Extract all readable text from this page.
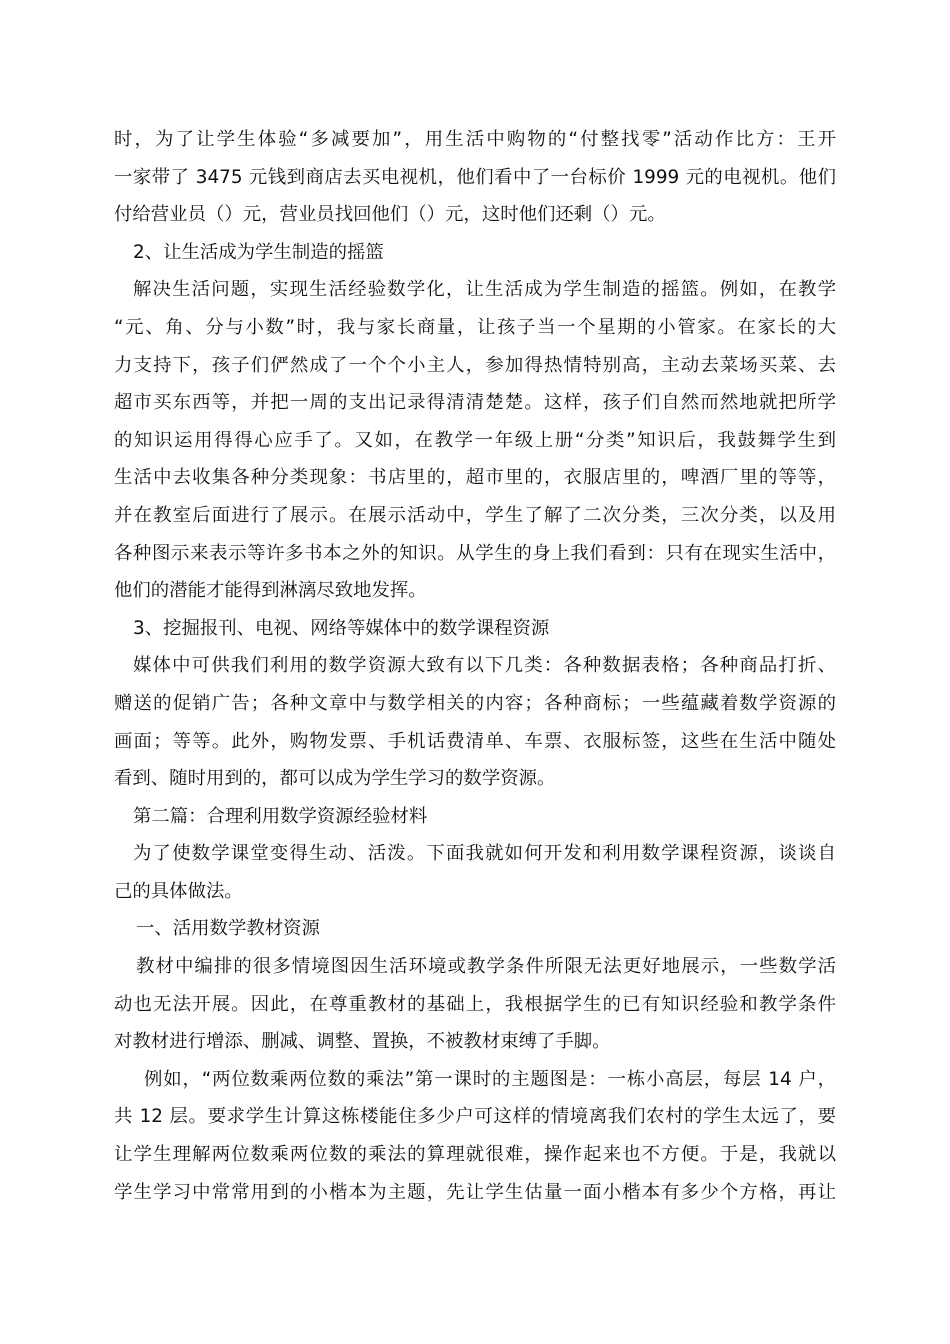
时，为了让学生体验“多减要加”，用生活中购物的“付整找零”活动作比方：王开
一家带了 3475 元钱到商店去买电视机，他们看中了一台标价 1999 元的电视机。他们
付给营业员（）元，营业员找回他们（）元，这时他们还剩（）元。
2、让生活成为学生制造的摇篮
解决生活问题，实现生活经验数学化，让生活成为学生制造的摇篮。例如，在教学
“元、角、分与小数”时，我与家长商量，让孩子当一个星期的小管家。在家长的大
力支持下，孩子们俨然成了一个个小主人，参加得热情特别高，主动去菜场买菜、去
超市买东西等，并把一周的支出记录得清清楚楚。这样，孩子们自然而然地就把所学
的知识运用得得心应手了。又如，在教学一年级上册“分类”知识后，我鼓舞学生到
生活中去收集各种分类现象：书店里的，超市里的，衣服店里的，啤酒厂里的等等，
并在教室后面进行了展示。在展示活动中，学生了解了二次分类，三次分类，以及用
各种图示来表示等许多书本之外的知识。从学生的身上我们看到：只有在现实生活中，
他们的潜能才能得到淋漓尽致地发挥。
3、挖掘报刊、电视、网络等媒体中的数学课程资源
媒体中可供我们利用的数学资源大致有以下几类：各种数据表格；各种商品打折、
赠送的促销广告；各种文章中与数学相关的内容；各种商标；一些蕴藏着数学资源的
画面；等等。此外，购物发票、手机话费清单、车票、衣服标签，这些在生活中随处
看到、随时用到的，都可以成为学生学习的数学资源。
第二篇：合理利用数学资源经验材料
为了使数学课堂变得生动、活泼。下面我就如何开发和利用数学课程资源，谈谈自
己的具体做法。
一、活用数学教材资源
教材中编排的很多情境图因生活环境或教学条件所限无法更好地展示，一些数学活
动也无法开展。因此，在尊重教材的基础上，我根据学生的已有知识经验和教学条件
对教材进行增添、删减、调整、置换，不被教材束缚了手脚。
例如，“两位数乘两位数的乘法”第一课时的主题图是：一栋小高层，每层 14 户，
共 12 层。要求学生计算这栋楼能住多少户可这样的情境离我们农村的学生太远了，要
让学生理解两位数乘两位数的乘法的算理就很难，操作起来也不方便。于是，我就以
学生学习中常常用到的小楷本为主题，先让学生估量一面小楷本有多少个方格，再让
